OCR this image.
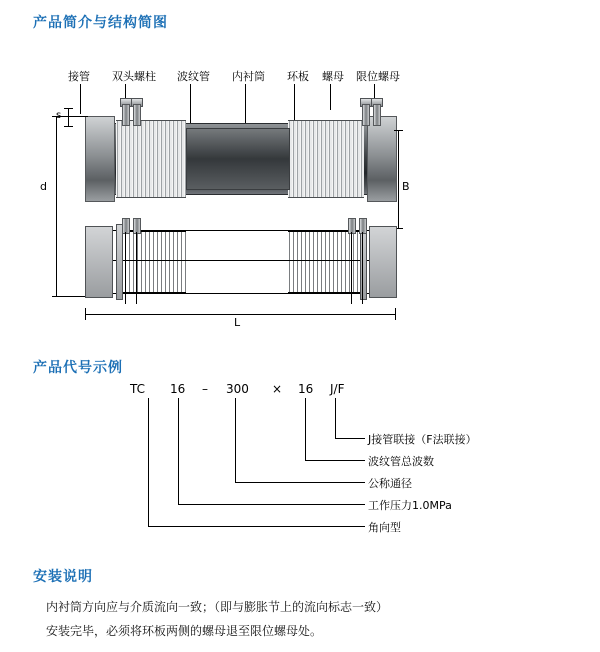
产品简介与结构简图
产品代号示例
安装说明
接管 双头螺柱 波纹管 内衬筒 环板 螺母 限位螺母
d	B
L
TC 16 – 300 × 16 J/F
J接管联接（F法联接）
波纹管总波数
公称通径
工作压力1.0MPa
角向型

内衬筒方向应与介质流向一致；（即与膨胀节上的流向标志一致）

安装完毕，必须将环板两侧的螺母退至限位螺母处。
